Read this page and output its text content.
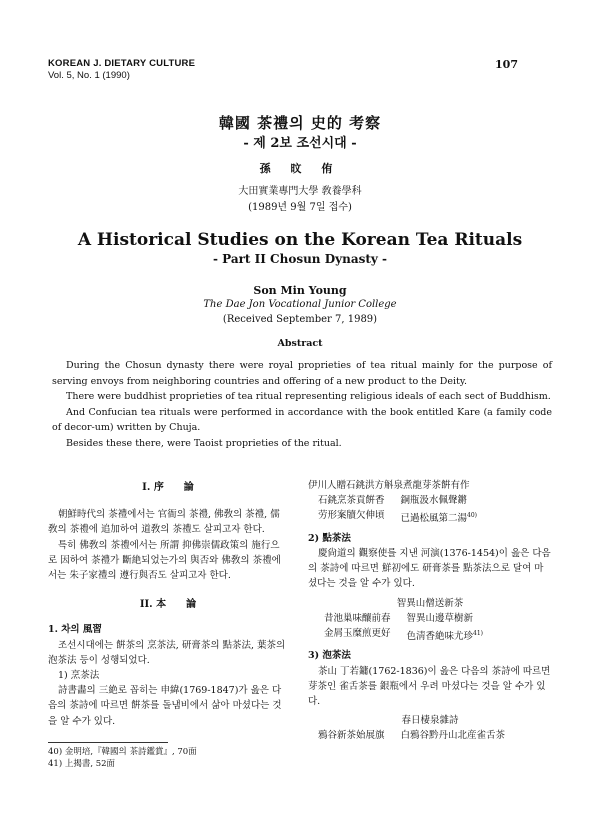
KOREAN J. DIETARY CULTURE
Vol. 5, No. 1 (1990)
107
韓國 茶禮의 史的 考察
- 제 2보 조선시대 -
孫 旼 侑
大田實業專門大學 敎養學科
(1989년 9월 7일 접수)
A Historical Studies on the Korean Tea Rituals
- Part II Chosun Dynasty -
Son Min Young
The Dae Jon Vocational Junior College
(Received September 7, 1989)
Abstract

During the Chosun dynasty there were royal proprieties of tea ritual mainly for the purpose of serving envoys from neighboring countries and offering of a new product to the Deity.

There were buddhist proprieties of tea ritual representing religious ideals of each sect of Buddhism.

And Confucian tea rituals were performed in accordance with the book entitled Kare (a family code of decor-um) written by Chuja.

Besides these there, were Taoist proprieties of the ritual.

I. 序　　論

朝鮮時代의 茶禮에서는 官衙의 茶禮, 佛敎의 茶禮, 儒敎의 茶禮에 追加하여 道敎의 茶禮도 살피고자 한다.

특히 佛敎의 茶禮에서는 所謂 抑佛崇儒政策의 施行으로 因하여 茶禮가 斷絶되었는가의 與否와 佛敎의 茶禮에서는 朱子家禮의 遵行與否도 살피고자 한다.

II. 本　　論

1. 차의 風習

조선시대에는 餠茶의 烹茶法, 研膏茶의 點茶法, 葉茶의 泡茶法 등이 성행되었다.

1) 烹茶法

詩書畵의 三絶로 꼽히는 申緯(1769-1847)가 읊은 다음의 茶詩에 따르면 餠茶를 돌냄비에서 삶아 마셨다는 것을 알 수가 있다.

伊川人贈石銚洪方斛泉煮龍芽茶餠有作

石銚烹茶貢餠香 銅瓶汲水佩聲鏘
劳形案牘欠伸頃 已過松風第二湯$^{40)}$

2) 點茶法

慶尙道의 觀察使를 지낸 河演(1376-1454)이 읊은 다음의 茶詩에 따르면 鮮初에도 研膏茶를 點茶法으로 달여 마셨다는 것을 알 수가 있다.

智異山僧送新茶

昔池巢味釀前春 智異山邊草樹新
金屑玉糜煎更好 色淸香絶味尤珍$^{41)}$

3) 泡茶法

茶山 丁若鏞(1762-1836)이 읊은 다음의 茶詩에 따르면 芽茶인 雀舌茶를 銀瓶에서 우려 마셨다는 것을 알 수가 있다.

春日棲泉雜詩

鴉谷新茶始展旗 白鴉谷黔丹山北産雀舌茶
40) 金明培,『韓國의 茶詩鑑賞』, 70面
41) 上揭書, 52面
